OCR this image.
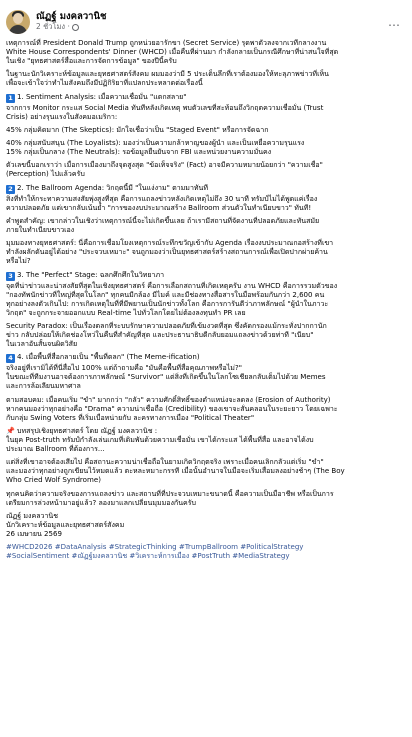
ณัฏฐ์ มงคลวานิช
2 ชั่วโมง ·	…

เหตุการณ์ที่ President Donald Trump ถูกหน่วยอารักขา (Secret Service) รุดพาตัวลงจากเวทีกลางงาน
White House Correspondents' Dinner (WHCD) เมื่อคืนที่ผ่านมา กำลังกลายเป็นกรณีศึกษาที่น่าสนใจที่สุด
ในเชิง "ยุทธศาสตร์สื่อและการจัดการข้อมูล" ของปีนี้ครับ

ในฐานะนักวิเคราะห์ข้อมูลและยุทธศาสตร์สังคม ผมมองว่ามี 5 ประเด็นลึกที่เราต้องมองให้ทะลุภาพข่าวที่เห็น
เพื่อจะเข้าใจว่าทำไมสังคมถึงมีปฏิกิริยาที่แปลกประหลาดต่อเรื่องนี้

1 1. Sentiment Analysis: เมื่อความเชื่อมั่น "แตกสลาย"
จากการ Monitor กระแส Social Media ทันทีหลังเกิดเหตุ พบตัวเลขที่สะท้อนถึงวิกฤตความเชื่อมั่น (Trust
Crisis) อย่างรุนแรงในสังคมอเมริกา:

45% กลุ่มคิดมาก (The Skeptics): มักใจเชื่อว่าเป็น "Staged Event" หรือการจัดฉาก

40% กลุ่มสนับสนุน (The Loyalists): มองว่าเป็นความกล้าหาญของผู้นำ และเป็นเหยื่อความรุนแรง
15% กลุ่มเป็นกลาง (The Neutrals): รอข้อมูลยืนยันจาก FBI และหน่วยงานความมั่นคง

ตัวเลขนี้บอกเราว่า เมื่อการเมืองมาถึงจุดสูงสุด "ข้อเท็จจริง" (Fact) อาจมีความหมายน้อยกว่า "ความเชื่อ"
(Perception) ไปแล้วครับ

2 2. The Ballroom Agenda: วิกฤตนี้มี "ในแง่งาม" ตามมาทันที
สิ่งที่ทำให้กระทาความสงสัยพุ่งสูงที่สุด คือการแถลงข่าวหลังเกิดเหตุไม่ถึง 30 นาที ทรัมป์ไม่ได้พูดแค่เรื่อง
ความปลอดภัย แต่เขากลับเน้นย้ำ "การของงบประมาณสร้าง Ballroom ส่วนตัวในทำเนียบขาว" ทันที!

คำพูดสำคัญ: เขากล่าวในเชิงว่าเหตุการณ์นี้จะไม่เกิดขึ้นเลย ถ้าเรามีสถานที่จัดงานที่ปลอดภัยและทันสมัย
ภายในทำเนียบขาวเอง

มุมมองทางยุทธศาสตร์: นี่คือการเชื่อมโยงเหตุการณ์ระทึกขวัญเข้ากับ Agenda เรื่องงบประมาณกอสร้างที่เขา
ทำลังผลักดันอยู่ได้อย่าง "ประจวบเหมาะ" จนถูกมองว่าเป็นยุทธศาสตร์สร้างสถานการณ์เพื่อเปิดปากผ่ายค้าน
หรือไม่?

3 3. The "Perfect" Stage: ฉลกศึกศึกในวิทยาภา
จุดที่น่าข่าวและน่าสงสัยที่สุดในเชิงยุทธศาสตร์ คือการเลือกสถานที่เกิดเหตุครับ งาน WHCD คือการรวมตัวของ
"กองทัพนักข่าวที่ใหญ่ที่สุดในโลก" ทุกคนมีกล้อง มีไมค์ และมีช่องทางสื่อสารในมือพร้อมกันกว่า 2,600 คน
ทุกอย่างลงตัวเกินไป: การเกิดเหตุในที่ที่มีพยานเป็นนักข่าวทั้งโลก คือการการันตีว่าภาพลักษณ์ "ผู้นำในภาวะ
วิกฤต" จะถูกกระจายออกแบบ Real-time ไปทั่วโลกโดยไม่ต้องลงทุนทำ PR เลย

Security Paradox: เป็นเรื่องตลกที่ระบบรักษาความปลอดภัยที่เข้มงวดที่สุด ซึ่งคัดกรองแม้กระทั่งปากกานัก
ข่าว กลับปล่อยให้เกิดช่องโหว่ในคืนที่สำคัญที่สุด และประธานาธิบดีกลับยอมแถลงข่าวด้วยท่าที "เนียบ"
ในเวลาอันสั้นจนผิดวิสัย

4 4. เมื่อพื้นที่สื่อกลายเป็น "พื้นที่ตลก" (The Meme-ification)
จริงอยู่ที่เรามิได้ที่นี่สื่อไป 100% แต่ถ้าถามคือ "มันคือพื้นที่สื่อคุณภาพหรือไม่?"
ในขณะที่ทีมงานอาจต้องการภาพลักษณ์ "Survivor" แต่สิ่งที่เกิดขึ้นในโลกโซเชียลกลับเต็มไปด้วย Memes
และการล้อเลียนมหาศาล

ตามสอบคม: เมื่อคนเริ่ม "ขำ" มากกว่า "กลัว" ความศักดิ์สิทธิ์ของตำแหน่งจะลดลง (Erosion of Authority)
หากคนมองว่าทุกอย่างคือ "Drama" ความน่าเชื่อถือ (Credibility) ของเขาจะสั่นคลอนในระยะยาว โดยเฉพาะ
กับกลุ่ม Swing Voters ที่เริ่มเบื่อหน่ายกับ ละครทางการเมือง "Political Theater"

📌 บทสรุปเชิงยุทธศาสตร์ โดย ณัฏฐ์ มงคลวานิช :
ในยุค Post-truth ทรัมป์กำลังเล่นเกมที่เดิมพันด้วยความเชื่อมั่น เขาได้กระแส ได้พื้นที่สื่อ และอาจได้งบ
ประมาณ Ballroom ที่ต้องการ...

แต่สิ่งที่เขาอาจต้องเสียไป คือสถานะความน่าเชื่อถือในยามเกิดวิกฤตจริง เพราะเมื่อคนเลิกกลัวแต่เริ่ม "ขำ"
และมองว่าทุกอย่างถูกเขียนไว้หมดแล้ว ตะหละหมาะกรรที เมื่อนั้นอำนาจในมือจะเริ่มเสื่อมลงอย่างช้าๆ (The Boy
Who Cried Wolf Syndrome)

ทุกคนคิดว่าความจริงของการแถลงข่าว และสถานที่ที่ประจวบเหมาะขนาดนี้ คือความเป็นมือาชีพ หรือเป็นการ
เตรียมการล่วงหน้ามาอยู่แล้ว? ลองมาแลกเปลี่ยนมุมมองกันครับ

ณัฏฐ์ มงคลวานิช
นักวิเคราะห์ข้อมูลและยุทธศาสตร์สังคม
26 เมษายน 2569

#WHCD2026 #DataAnalysis #StrategicThinking #TrumpBallroom #PoliticalStrategy
#SocialSentiment #ณัฏฐ์มงคลวานิช #วิเคราะห์การเมือง #PostTruth #MediaStrategy
